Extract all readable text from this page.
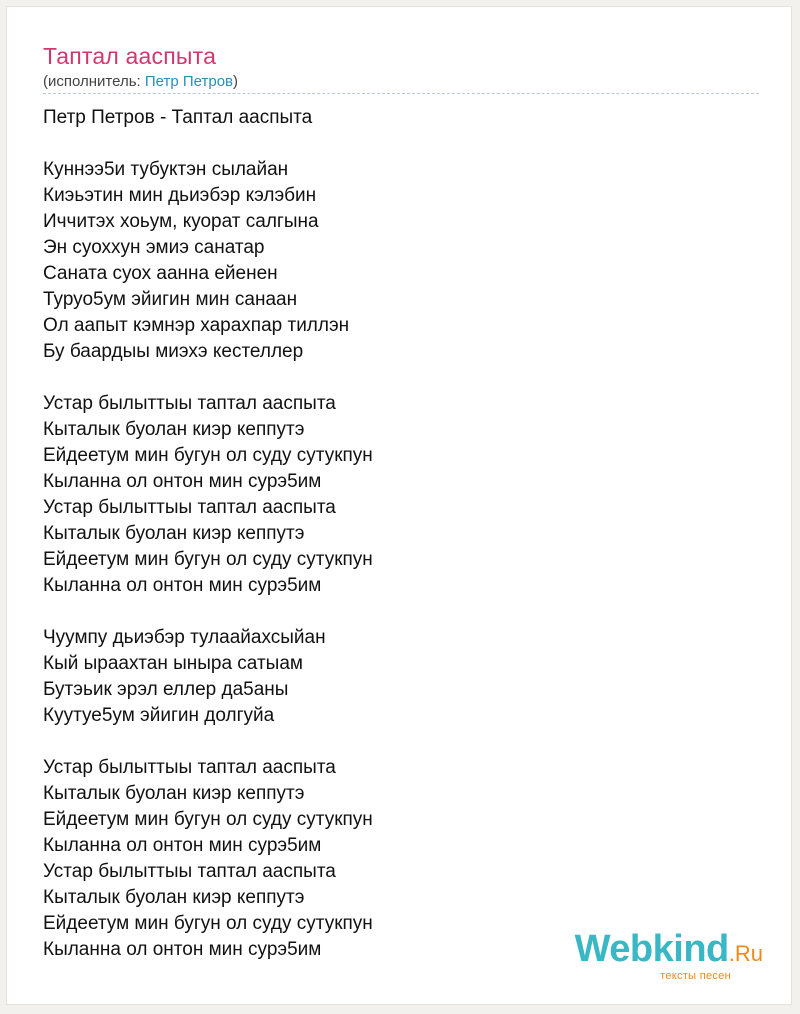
Таптал ааспыта
(исполнитель: Петр Петров)
Петр Петров - Таптал ааспыта
Куннээ5и тубуктэн сылайан
Киэьэтин мин дьиэбэр кэлэбин
Иччитэх хоьум, куорат салгына
Эн суоххун эмиэ санатар
Саната суох аанна ейенен
Туруо5ум эйигин мин санаан
Ол аапыт кэмнэр харахпар тиллэн
Бу баардыы миэхэ кестеллер
Устар былыттыы таптал ааспыта
Кыталык буолан киэр кеппутэ
Ейдеетум мин бугун ол суду сутукпун
Кыланна ол онтон мин сурэ5им
Устар былыттыы таптал ааспыта
Кыталык буолан киэр кеппутэ
Ейдеетум мин бугун ол суду сутукпун
Кыланна ол онтон мин сурэ5им
Чуумпу дьиэбэр тулаайахсыйан
Кый ыраахтан ыныра сатыам
Бутэьик эрэл еллер да5аны
Куутуе5ум эйигин долгуйа
Устар былыттыы таптал ааспыта
Кыталык буолан киэр кеппутэ
Ейдеетум мин бугун ол суду сутукпун
Кыланна ол онтон мин сурэ5им
Устар былыттыы таптал ааспыта
Кыталык буолан киэр кеппутэ
Ейдеетум мин бугун ол суду сутукпун
Кыланна ол онтон мин сурэ5им	Webkind.Ru
тексты песен
